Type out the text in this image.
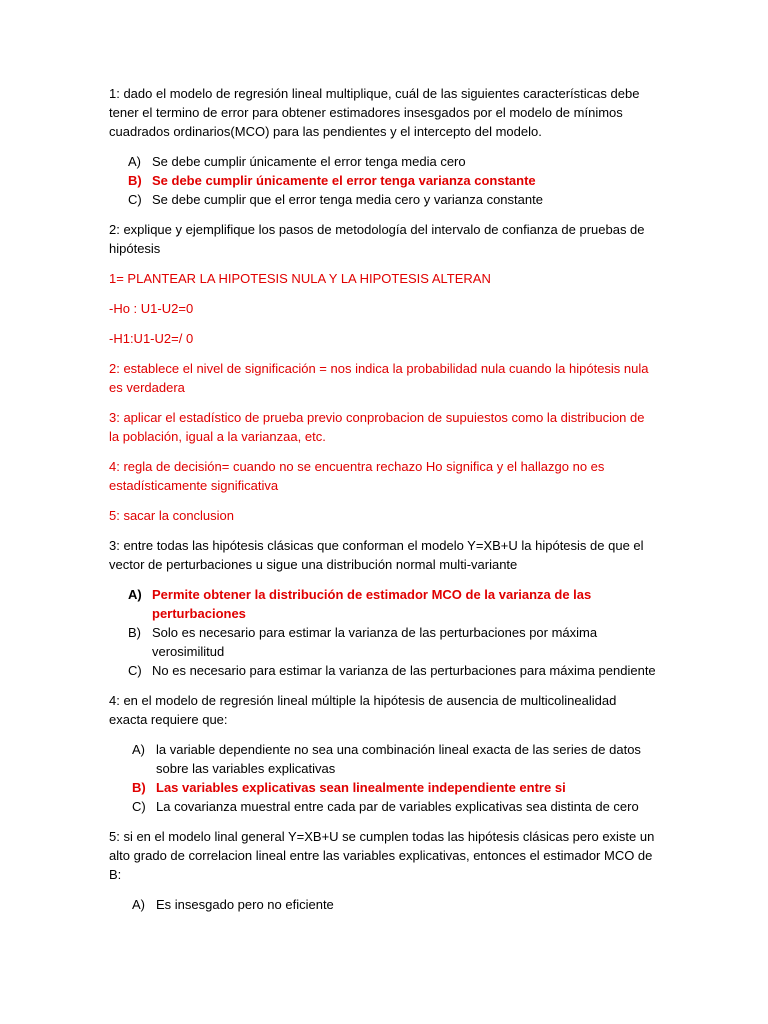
1: dado el modelo de regresión lineal multiplique, cuál de las siguientes características debe tener el termino de error para obtener estimadores insesgados por el modelo de mínimos cuadrados ordinarios(MCO) para las pendientes y el intercepto del modelo.

A) Se debe cumplir únicamente el error tenga media cero
B) Se debe cumplir únicamente el error tenga varianza constante
C) Se debe cumplir que el error tenga media cero y varianza constante

2: explique y ejemplifique los pasos de metodología del intervalo de confianza de pruebas de hipótesis

1= PLANTEAR LA HIPOTESIS NULA Y LA HIPOTESIS ALTERAN

-Ho : U1-U2=0

-H1:U1-U2=/ 0

2: establece el nivel de significación = nos indica la probabilidad nula cuando la hipótesis nula es verdadera

3: aplicar el estadístico de prueba previo conprobacion de supuiestos como la distribucion de la población, igual a la varianzaa, etc.

4: regla de decisión= cuando no se encuentra rechazo Ho significa y el hallazgo no es estadísticamente significativa

5: sacar la conclusion

3: entre todas las hipótesis clásicas que conforman el modelo Y=XB+U la hipótesis de que el vector de perturbaciones u sigue una distribución normal multi-variante

A) Permite obtener la distribución de estimador MCO de la varianza de las perturbaciones
B) Solo es necesario para estimar la varianza de las perturbaciones por máxima verosimilitud
C) No es necesario para estimar la varianza de las perturbaciones para máxima pendiente

4: en el modelo de regresión lineal múltiple la hipótesis de ausencia de multicolinealidad exacta requiere que:

A) la variable dependiente no sea una combinación lineal exacta de las series de datos sobre las variables explicativas
B) Las variables explicativas sean linealmente independiente entre si
C) La covarianza muestral entre cada par de variables explicativas sea distinta de cero

5: si en el modelo linal general Y=XB+U se cumplen todas las hipótesis clásicas pero existe un alto grado de correlacion lineal entre las variables explicativas, entonces el estimador MCO de B:

A) Es insesgado pero no eficiente
